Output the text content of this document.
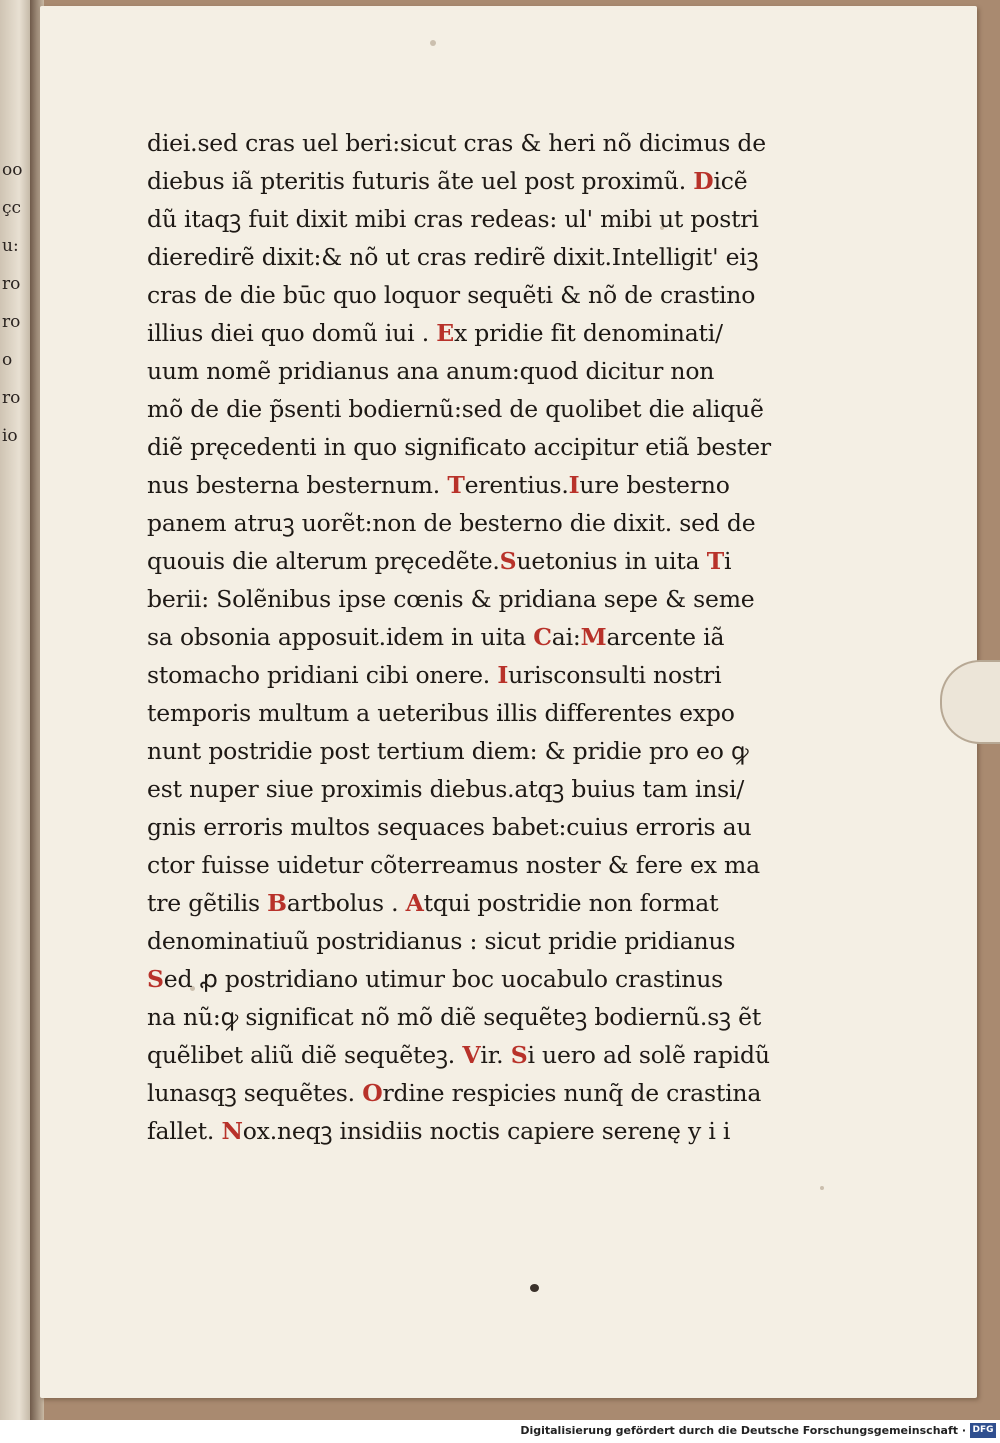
oo
çc
u:
ro
ro
o
ro
io
diei.sed cras uel beri:sicut cras & heri nõ dicimus de
diebus iã pteritis futuris ãte uel post proximũ. Dicẽ
dũ itaqꝫ fuit dixit mibi cras redeas: ul' mibi ut postri
dieredirẽ dixit:& nõ ut cras redirẽ dixit.Intelligit' eiꝫ
cras de die būc quo loquor sequẽti & nõ de crastino
illius diei quo domũ iui . Ex pridie fit denominati/
uum nomẽ pridianus ana anum:quod dicitur non
mõ de die p̃senti bodiernũ:sed de quolibet die aliquẽ
diẽ pręcedenti in quo significato accipitur etiã bester
nus besterna besternum. Terentius.Iure besterno
panem atruꝫ uorẽt:non de besterno die dixit. sed de
quouis die alterum pręcedẽte.Suetonius in uita Ti
berii: Solẽnibus ipse cœnis & pridiana sepe & seme
sa obsonia apposuit.idem in uita Cai:Marcente iã
stomacho pridiani cibi onere. Iurisconsulti nostri
temporis multum a ueteribus illis differentes expo
nunt postridie post tertium diem: & pridie pro eo ꝙ
est nuper siue proximis diebus.atqꝫ buius tam insi/
gnis erroris multos sequaces babet:cuius erroris au
ctor fuisse uidetur cõterreamus noster & fere ex ma
tre gẽtilis Bartbolus . Atqui postridie non format
denominatiuũ postridianus : sicut pridie pridianus
Sed ꝓ postridiano utimur boc uocabulo crastinus
na nũ:ꝙ significat nõ mõ diẽ sequẽteꝫ bodiernũ.sꝫ ẽt
quẽlibet aliũ diẽ sequẽteꝫ. Vir. Si uero ad solẽ rapidũ
lunasqꝫ sequẽtes. Ordine respicies nunq̃ de crastina
fallet. Nox.neqꝫ insidiis noctis capiere serenę y i i
Digitalisierung gefördert durch die Deutsche Forschungsgemeinschaft · DFG
